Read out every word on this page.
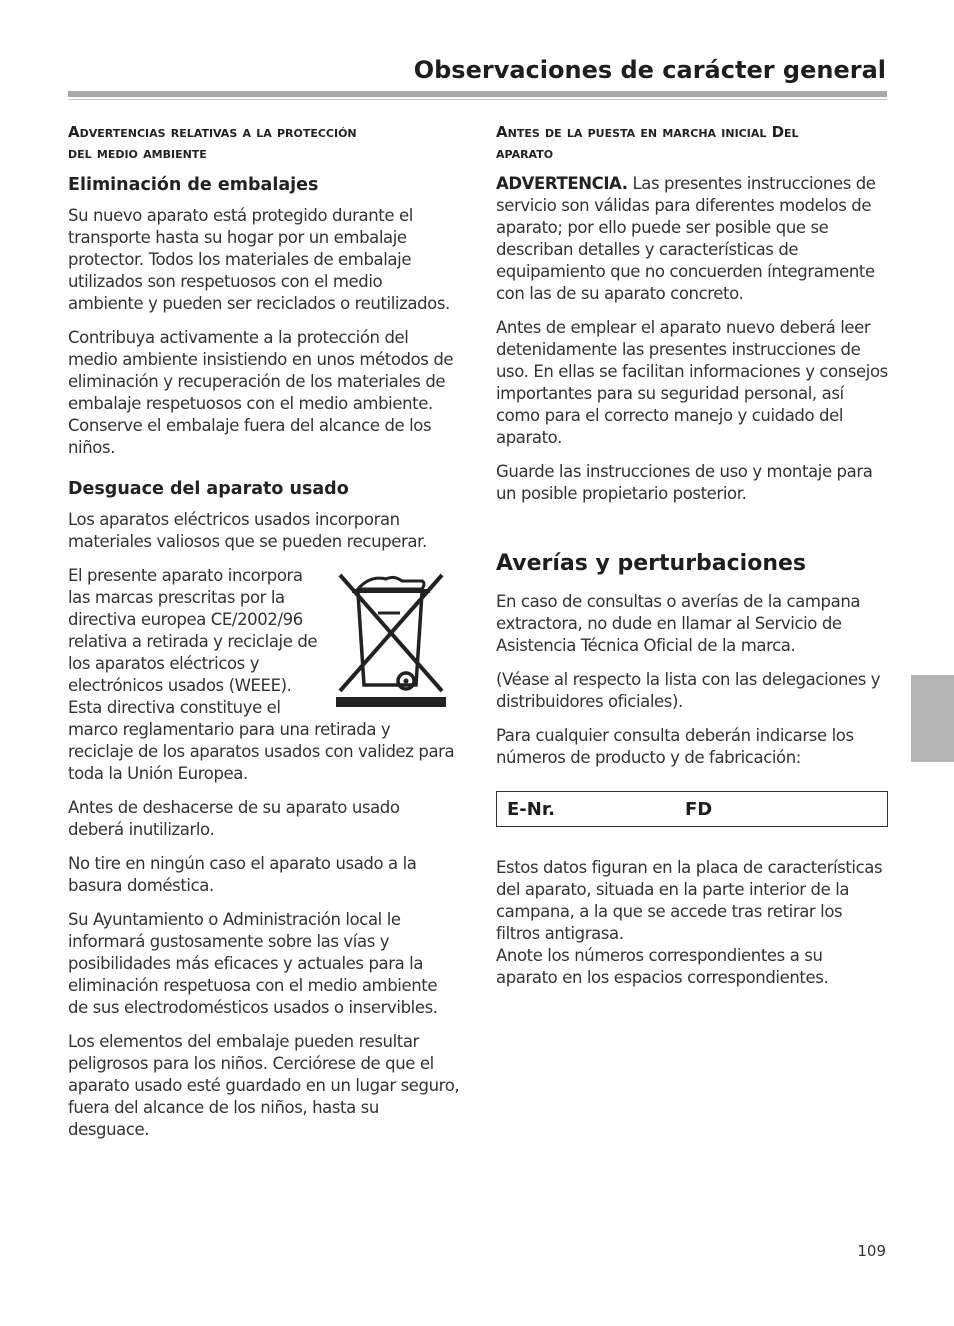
Observaciones de carácter general
Advertencias relativas a la protección
del medio ambiente
Eliminación de embalajes

Su nuevo aparato está protegido durante el transporte hasta su hogar por un embalaje protector. Todos los materiales de embalaje utilizados son respetuosos con el medio ambiente y pueden ser reciclados o reutilizados.

Contribuya activamente a la protección del medio ambiente insistiendo en unos métodos de eliminación y recuperación de los materiales de embalaje respetuosos con el medio ambiente. Conserve el embalaje fuera del alcance de los niños.

Desguace del aparato usado

Los aparatos eléctricos usados incorporan materiales valiosos que se pueden recuperar.

El presente aparato incorpora las marcas prescritas por la directiva europea CE/2002/96 relativa a retirada y reciclaje de los aparatos eléctricos y electrónicos usados (WEEE). Esta directiva constituye el marco reglamentario para una retirada y reciclaje de los aparatos usados con validez para toda la Unión Europea.

Antes de deshacerse de su aparato usado deberá inutilizarlo.

No tire en ningún caso el aparato usado a la basura doméstica.

Su Ayuntamiento o Administración local le informará gustosamente sobre las vías y posibilidades más eficaces y actuales para la eliminación respetuosa con el medio ambiente de sus electrodomésticos usados o inservibles.

Los elementos del embalaje pueden resultar peligrosos para los niños. Cerciórese de que el aparato usado esté guardado en un lugar seguro, fuera del alcance de los niños, hasta su desguace.

Antes de la puesta en marcha inicial Del
aparato

ADVERTENCIA. Las presentes instrucciones de servicio son válidas para diferentes modelos de aparato; por ello puede ser posible que se describan detalles y características de equipamiento que no concuerden íntegramente con las de su aparato concreto.

Antes de emplear el aparato nuevo deberá leer detenidamente las presentes instrucciones de uso. En ellas se facilitan informaciones y consejos importantes para su seguridad personal, así como para el correcto manejo y cuidado del aparato.

Guarde las instrucciones de uso y montaje para un posible propietario posterior.

Averías y perturbaciones

En caso de consultas o averías de la campana extractora, no dude en llamar al Servicio de Asistencia Técnica Oficial de la marca.

(Véase al respecto la lista con las delegaciones y distribuidores oficiales).

Para cualquier consulta deberán indicarse los números de producto y de fabricación:

E-Nr.	FD

Estos datos figuran en la placa de características del aparato, situada en la parte interior de la campana, a la que se accede tras retirar los filtros antigrasa.

Anote los números correspondientes a su aparato en los espacios correspondientes.

109
